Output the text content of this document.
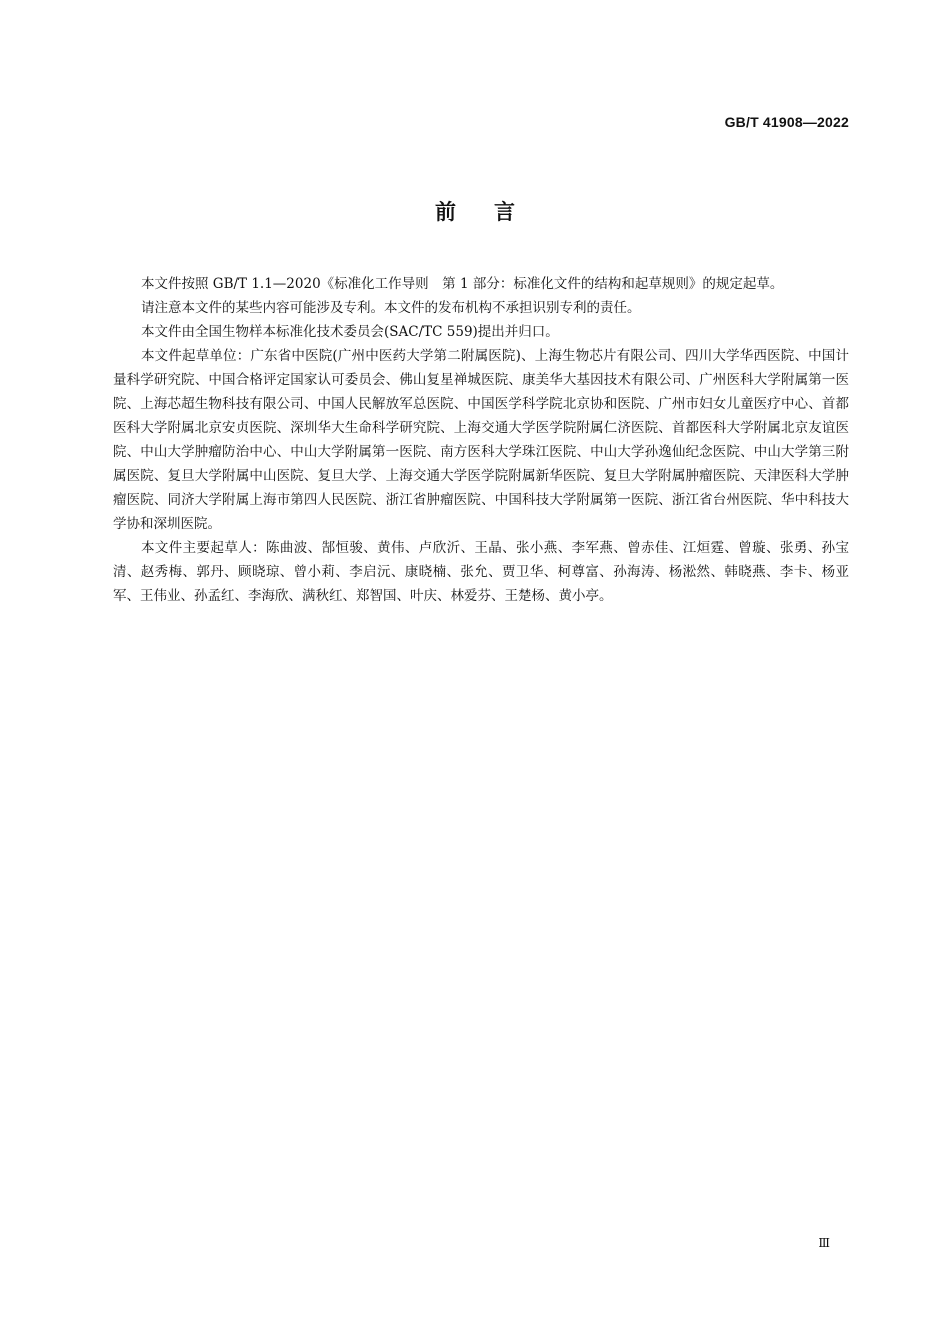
GB/T 41908—2022
前言

本文件按照 GB/T 1.1—2020《标准化工作导则　第 1 部分：标准化文件的结构和起草规则》的规定起草。

请注意本文件的某些内容可能涉及专利。本文件的发布机构不承担识别专利的责任。

本文件由全国生物样本标准化技术委员会(SAC/TC 559)提出并归口。

本文件起草单位：广东省中医院(广州中医药大学第二附属医院)、上海生物芯片有限公司、四川大学华西医院、中国计量科学研究院、中国合格评定国家认可委员会、佛山复星禅城医院、康美华大基因技术有限公司、广州医科大学附属第一医院、上海芯超生物科技有限公司、中国人民解放军总医院、中国医学科学院北京协和医院、广州市妇女儿童医疗中心、首都医科大学附属北京安贞医院、深圳华大生命科学研究院、上海交通大学医学院附属仁济医院、首都医科大学附属北京友谊医院、中山大学肿瘤防治中心、中山大学附属第一医院、南方医科大学珠江医院、中山大学孙逸仙纪念医院、中山大学第三附属医院、复旦大学附属中山医院、复旦大学、上海交通大学医学院附属新华医院、复旦大学附属肿瘤医院、天津医科大学肿瘤医院、同济大学附属上海市第四人民医院、浙江省肿瘤医院、中国科技大学附属第一医院、浙江省台州医院、华中科技大学协和深圳医院。

本文件主要起草人：陈曲波、郜恒骏、黄伟、卢欣沂、王晶、张小燕、李军燕、曾赤佳、江烜霆、曾璇、张勇、孙宝清、赵秀梅、郭丹、顾晓琼、曾小莉、李启沅、康晓楠、张允、贾卫华、柯尊富、孙海涛、杨淞然、韩晓燕、李卡、杨亚军、王伟业、孙孟红、李海欣、满秋红、郑智国、叶庆、林爱芬、王楚杨、黄小亭。

Ⅲ
